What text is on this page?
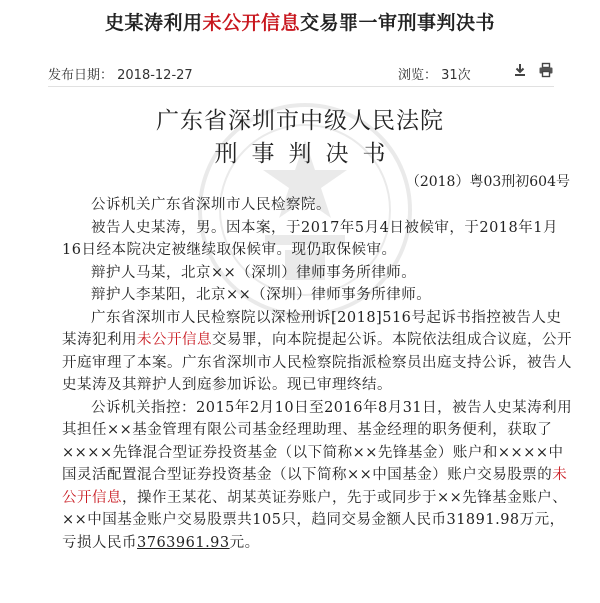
史某涛利用未公开信息交易罪一审刑事判决书
发布日期： 2018-12-27	浏览： 31次
广东省深圳市中级人民法院
刑事判决书
（2018）粤03刑初604号

公诉机关广东省深圳市人民检察院。

被告人史某涛，男。因本案，于2017年5月4日被候审，于2018年1月16日经本院决定被继续取保候审。现仍取保候审。

辩护人马某，北京××（深圳）律师事务所律师。

辩护人李某阳，北京××（深圳）律师事务所律师。

广东省深圳市人民检察院以深检刑诉[2018]516号起诉书指控被告人史某涛犯利用未公开信息交易罪，向本院提起公诉。本院依法组成合议庭，公开开庭审理了本案。广东省深圳市人民检察院指派检察员出庭支持公诉，被告人史某涛及其辩护人到庭参加诉讼。现已审理终结。

公诉机关指控：2015年2月10日至2016年8月31日，被告人史某涛利用其担任××基金管理有限公司基金经理助理、基金经理的职务便利，获取了××××先锋混合型证券投资基金（以下简称××先锋基金）账户和××××中国灵活配置混合型证券投资基金（以下简称××中国基金）账户交易股票的未公开信息，操作王某花、胡某英证券账户，先于或同步于××先锋基金账户、××中国基金账户交易股票共105只，趋同交易金额人民币31891.98万元，亏损人民币3763961.93元。
